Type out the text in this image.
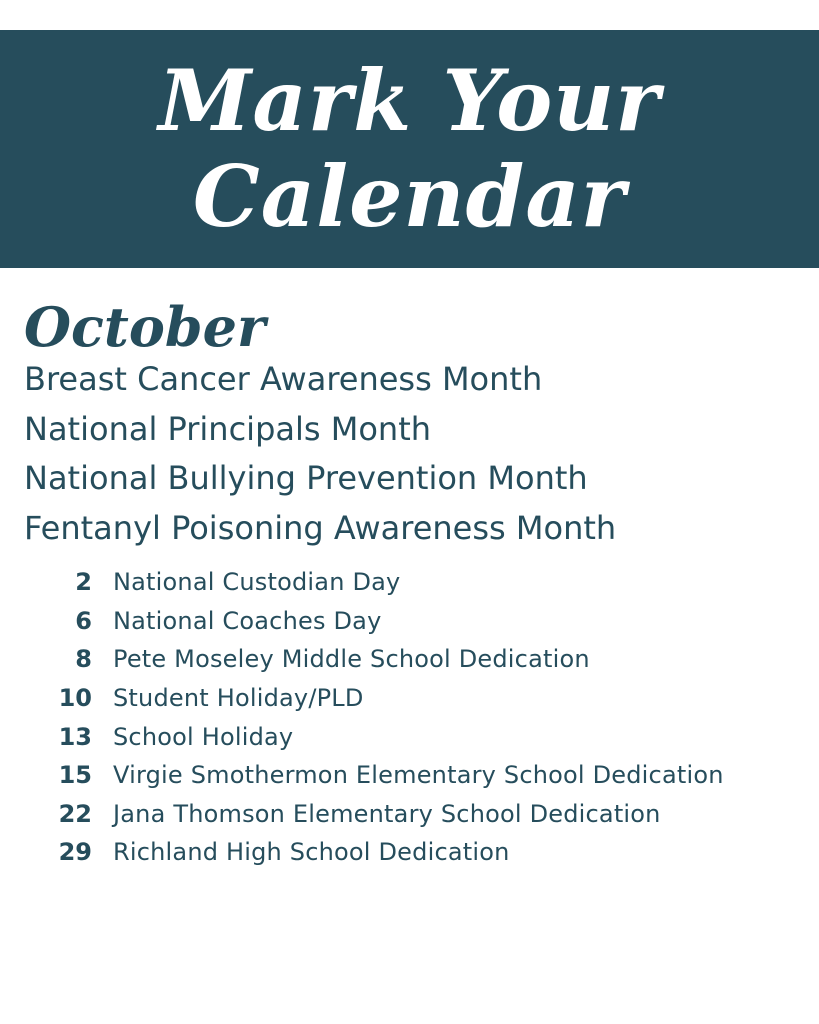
Mark Your
Calendar
October
Breast Cancer Awareness Month
National Principals Month
National Bullying Prevention Month
Fentanyl Poisoning Awareness Month
2 National Custodian Day
6 National Coaches Day
8 Pete Moseley Middle School Dedication
10 Student Holiday/PLD
13 School Holiday
15 Virgie Smothermon Elementary School Dedication
22 Jana Thomson Elementary School Dedication
29 Richland High School Dedication
